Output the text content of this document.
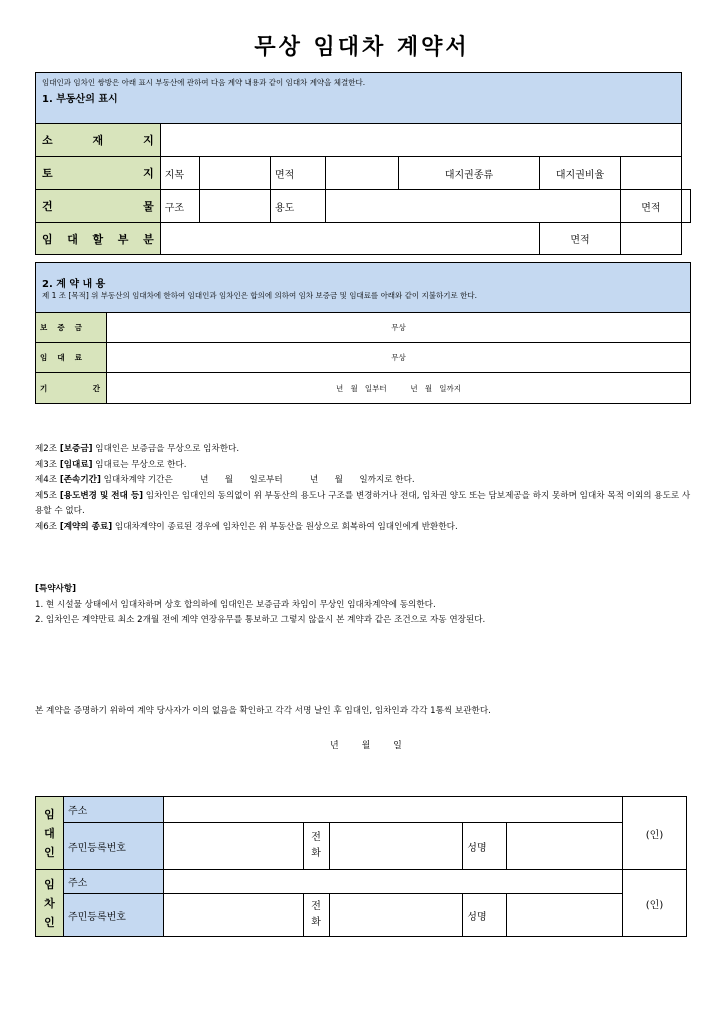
무상 임대차 계약서
임대인과 임차인 쌍방은 아래 표시 부동산에 관하여 다음 계약 내용과 같이 임대차 계약을 체결한다.
1. 부동산의 표시								

소 재 지								

토 지	지목		면적		대지권종류	대지권비율		

건 물	구조		용도				면적	

임 대 할 부 분						면적		
2. 계 약 내 용
제 1 조 [목적] 위 부동산의 임대차에 한하여 임대인과 임차인은 합의에 의하여 임차 보증금 및 임대료를 아래와 같이 지불하기로 한다.	

보 증 금	무상

임 대 료	무상

기 간	년   월   일부터          년   월   일까지

제2조 [보증금] 임대인은 보증금을 무상으로 임차한다.

제3조 [임대료] 임대료는 무상으로 한다.

제4조 [존속기간] 임대차계약 기간은          년      월      일로부터          년      월      일까지로 한다.

제5조 [용도변경 및 전대 등] 임차인은 임대인의 동의없이 위 부동산의 용도나 구조를 변경하거나 전대, 임차권 양도 또는 담보제공을 하지 못하며 임대차 목적 이외의 용도로 사용할 수 없다.

제6조 [계약의 종료] 임대차계약이 종료된 경우에 임차인은 위 부동산을 원상으로 회복하여 임대인에게 반환한다.

[특약사항]

1. 현 시설물 상태에서 임대차하며 상호 합의하에 임대인은 보증금과 차임이 무상인 임대차계약에 동의한다.

2. 임차인은 계약만료 최소 2개월 전에 계약 연장유무를 통보하고 그렇지 않을시 본 계약과 같은 조건으로 자동 연장된다.

본 계약을 증명하기 위하여 계약 당사자가 이의 없음을 확인하고 각각 서명 날인 후 임대인, 임차인과 각각 1통씩 보관한다.
년        월        일
임대인	주소						(인)
	주민등록번호		전화		성명		

임차인	주소						(인)
	주민등록번호		전화		성명		
